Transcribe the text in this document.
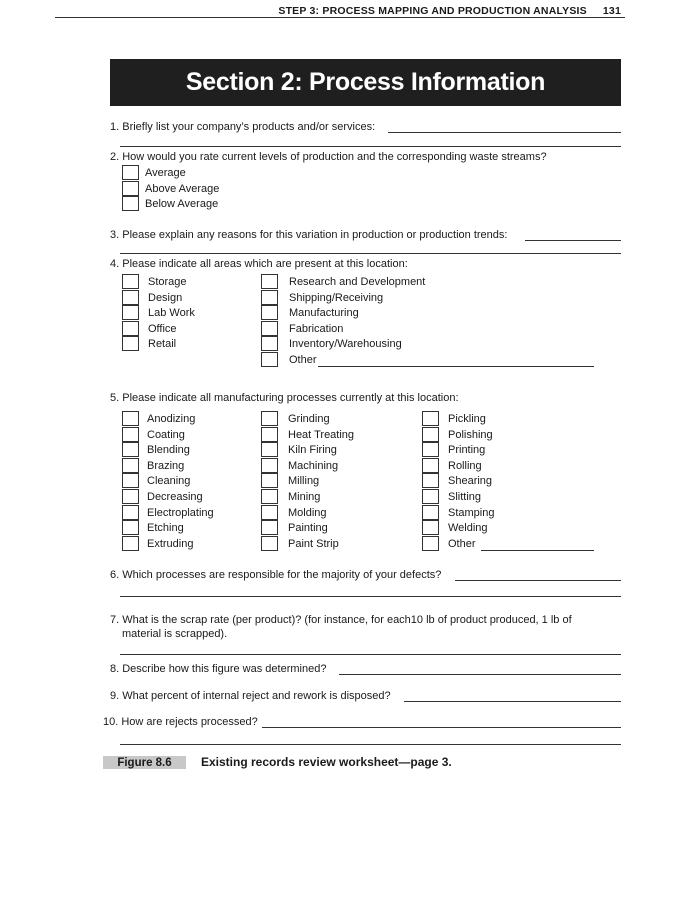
STEP 3: PROCESS MAPPING AND PRODUCTION ANALYSIS 131
Section 2: Process Information
1. Briefly list your company’s products and/or services:
2. How would you rate current levels of production and the corresponding waste streams?
Average
Above Average
Below Average
3. Please explain any reasons for this variation in production or production trends:
4. Please indicate all areas which are present at this location:
Storage
Design
Lab Work
Office
Retail
Research and Development
Shipping/Receiving
Manufacturing
Fabrication
Inventory/Warehousing
Other
5. Please indicate all manufacturing processes currently at this location:
Anodizing
Coating
Blending
Brazing
Cleaning
Decreasing
Electroplating
Etching
Extruding
Grinding
Heat Treating
Kiln Firing
Machining
Milling
Mining
Molding
Painting
Paint Strip
Pickling
Polishing
Printing
Rolling
Shearing
Slitting
Stamping
Welding
Other
6. Which processes are responsible for the majority of your defects?
7. What is the scrap rate (per product)? (for instance, for each10 lb of product produced, 1 lb of
material is scrapped).
8. Describe how this figure was determined?
9. What percent of internal reject and rework is disposed?
10. How are rejects processed?
Figure 8.6	Existing records review worksheet—page 3.
